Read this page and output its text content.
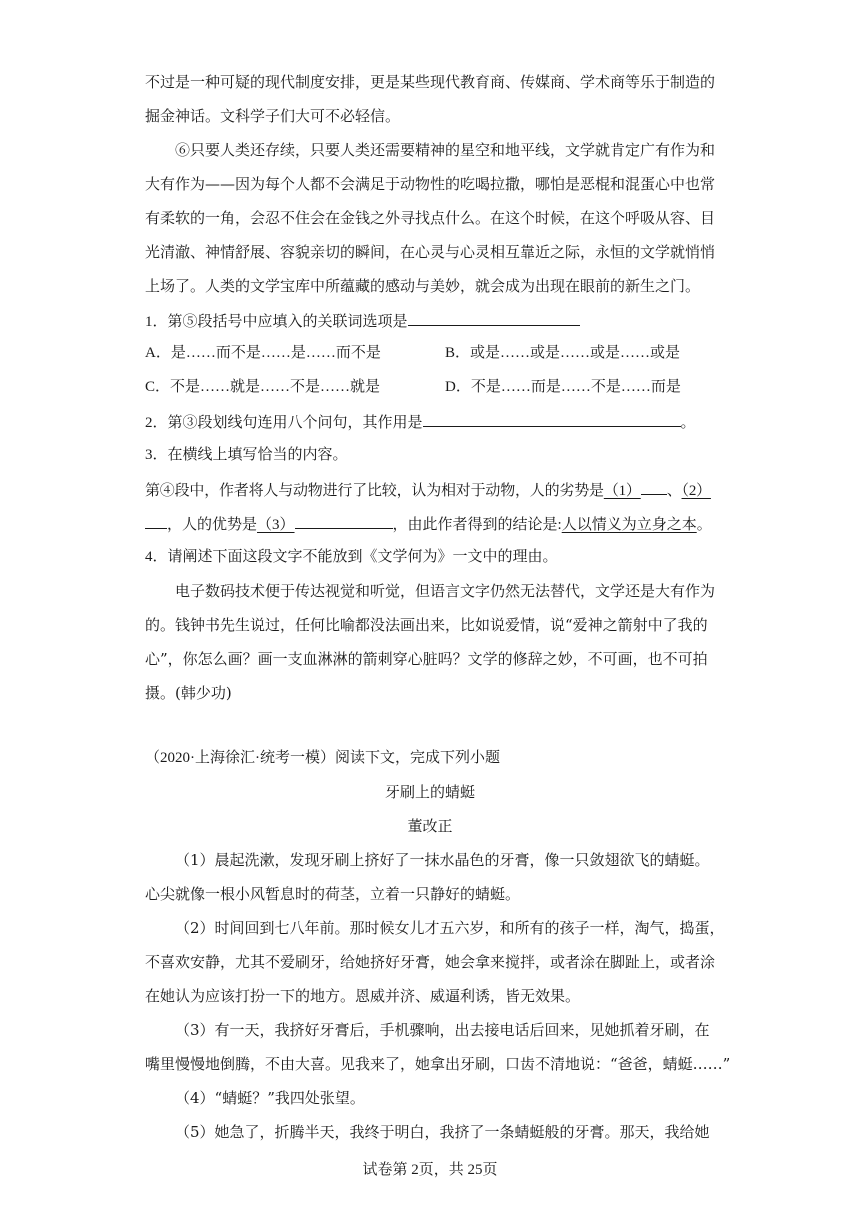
不过是一种可疑的现代制度安排，更是某些现代教育商、传媒商、学术商等乐于制造的
掘金神话。文科学子们大可不必轻信。
⑥只要人类还存续，只要人类还需要精神的星空和地平线，文学就肯定广有作为和
大有作为——因为每个人都不会满足于动物性的吃喝拉撒，哪怕是恶棍和混蛋心中也常
有柔软的一角，会忍不住会在金钱之外寻找点什么。在这个时候，在这个呼吸从容、目
光清澈、神情舒展、容貌亲切的瞬间，在心灵与心灵相互靠近之际，永恒的文学就悄悄
上场了。人类的文学宝库中所蕴藏的感动与美妙，就会成为出现在眼前的新生之门。
1．第⑤段括号中应填入的关联词选项是
A．是……而不是……是……而不是	B．或是……或是……或是……或是
C．不是……就是……不是……就是	D．不是……而是……不是……而是
2．第③段划线句连用八个问句，其作用是	。
3．在横线上填写恰当的内容。
第④段中，作者将人与动物进行了比较，认为相对于动物，人的劣势是（1） 、（2）
，人的优势是（3）	，由此作者得到的结论是:人以情义为立身之本。
4．请阐述下面这段文字不能放到《文学何为》一文中的理由。
电子数码技术便于传达视觉和听觉，但语言文字仍然无法替代，文学还是大有作为
的。钱钟书先生说过，任何比喻都没法画出来，比如说爱情，说“爱神之箭射中了我的
心”，你怎么画？画一支血淋淋的箭刺穿心脏吗？文学的修辞之妙，不可画，也不可拍
摄。(韩少功)
（2020·上海徐汇·统考一模）阅读下文，完成下列小题
牙刷上的蜻蜓
董改正
（1）晨起洗漱，发现牙刷上挤好了一抹水晶色的牙膏，像一只敛翅欲飞的蜻蜓。
心尖就像一根小风暂息时的荷茎，立着一只静好的蜻蜓。
（2）时间回到七八年前。那时候女儿才五六岁，和所有的孩子一样，淘气，捣蛋，
不喜欢安静，尤其不爱刷牙，给她挤好牙膏，她会拿来搅拌，或者涂在脚趾上，或者涂
在她认为应该打扮一下的地方。恩威并济、威逼利诱，皆无效果。
（3）有一天，我挤好牙膏后，手机骤响，出去接电话后回来，见她抓着牙刷，在
嘴里慢慢地倒腾，不由大喜。见我来了，她拿出牙刷，口齿不清地说：“爸爸，蜻蜓……”
（4）“蜻蜓？”我四处张望。
（5）她急了，折腾半天，我终于明白，我挤了一条蜻蜓般的牙膏。那天，我给她
试卷第 2页，共 25页
